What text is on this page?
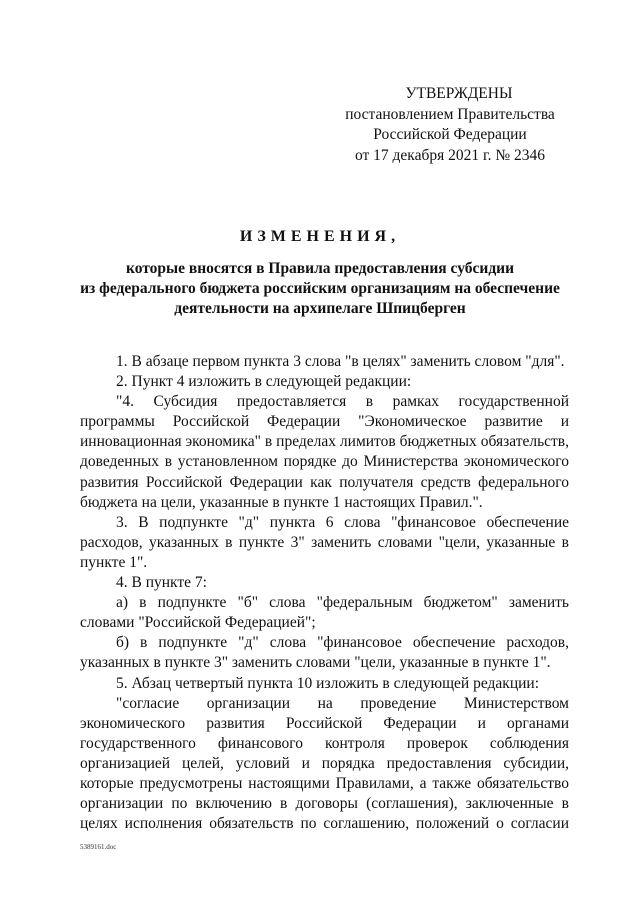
УТВЕРЖДЕНЫ
постановлением Правительства
Российской Федерации
от 17 декабря 2021 г. № 2346
ИЗМЕНЕНИЯ,
которые вносятся в Правила предоставления субсидии
из федерального бюджета российским организациям на обеспечение
деятельности на архипелаге Шпицберген

1. В абзаце первом пункта 3 слова "в целях" заменить словом "для".

2. Пункт 4 изложить в следующей редакции:

"4. Субсидия предоставляется в рамках государственной программы Российской Федерации "Экономическое развитие и инновационная экономика" в пределах лимитов бюджетных обязательств, доведенных в установленном порядке до Министерства экономического развития Российской Федерации как получателя средств федерального бюджета на цели, указанные в пункте 1 настоящих Правил.".

3. В подпункте "д" пункта 6 слова "финансовое обеспечение расходов, указанных в пункте 3" заменить словами "цели, указанные в пункте 1".

4. В пункте 7:

а) в подпункте "б" слова "федеральным бюджетом" заменить словами "Российской Федерацией";

б) в подпункте "д" слова "финансовое обеспечение расходов, указанных в пункте 3" заменить словами "цели, указанные в пункте 1".

5. Абзац четвертый пункта 10 изложить в следующей редакции:

"согласие организации на проведение Министерством экономического развития Российской Федерации и органами государственного финансового контроля проверок соблюдения организацией целей, условий и порядка предоставления субсидии, которые предусмотрены настоящими Правилами, а также обязательство организации по включению в договоры (соглашения), заключенные в целях исполнения обязательств по соглашению, положений о согласии

5389161.doc
